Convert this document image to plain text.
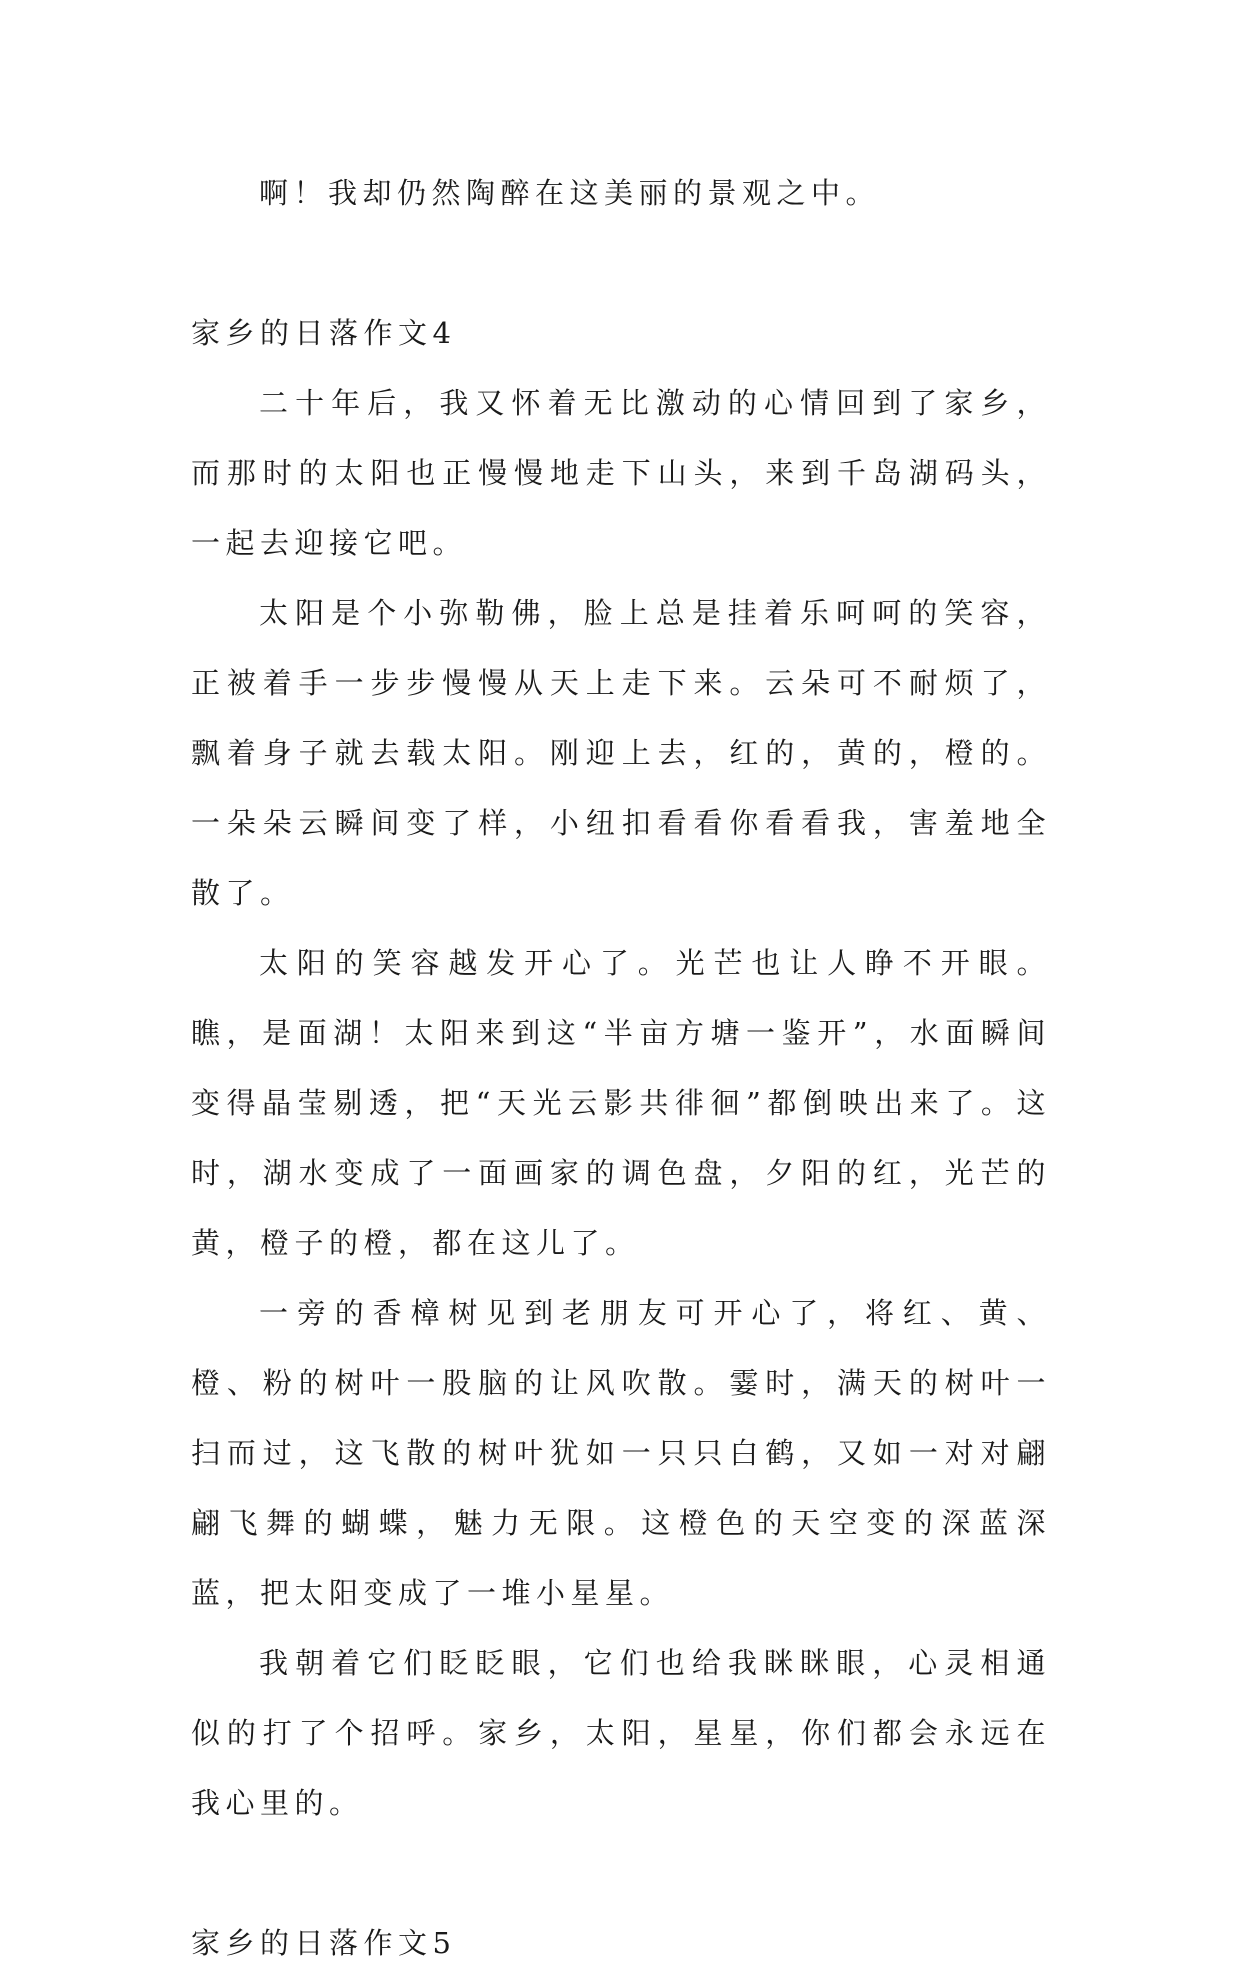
啊！我却仍然陶醉在这美丽的景观之中。

家乡的日落作文4

二十年后，我又怀着无比激动的心情回到了家乡，而那时的太阳也正慢慢地走下山头，来到千岛湖码头，一起去迎接它吧。

太阳是个小弥勒佛，脸上总是挂着乐呵呵的笑容，正被着手一步步慢慢从天上走下来。云朵可不耐烦了，飘着身子就去载太阳。刚迎上去，红的，黄的，橙的。一朵朵云瞬间变了样，小纽扣看看你看看我，害羞地全散了。

太阳的笑容越发开心了。光芒也让人睁不开眼。瞧，是面湖！太阳来到这“半亩方塘一鉴开”，水面瞬间变得晶莹剔透，把“天光云影共徘徊”都倒映出来了。这时，湖水变成了一面画家的调色盘，夕阳的红，光芒的黄，橙子的橙，都在这儿了。

一旁的香樟树见到老朋友可开心了，将红、黄、橙、粉的树叶一股脑的让风吹散。霎时，满天的树叶一扫而过，这飞散的树叶犹如一只只白鹤，又如一对对翩翩飞舞的蝴蝶，魅力无限。这橙色的天空变的深蓝深蓝，把太阳变成了一堆小星星。

我朝着它们眨眨眼，它们也给我眯眯眼，心灵相通似的打了个招呼。家乡，太阳，星星，你们都会永远在我心里的。

家乡的日落作文5
